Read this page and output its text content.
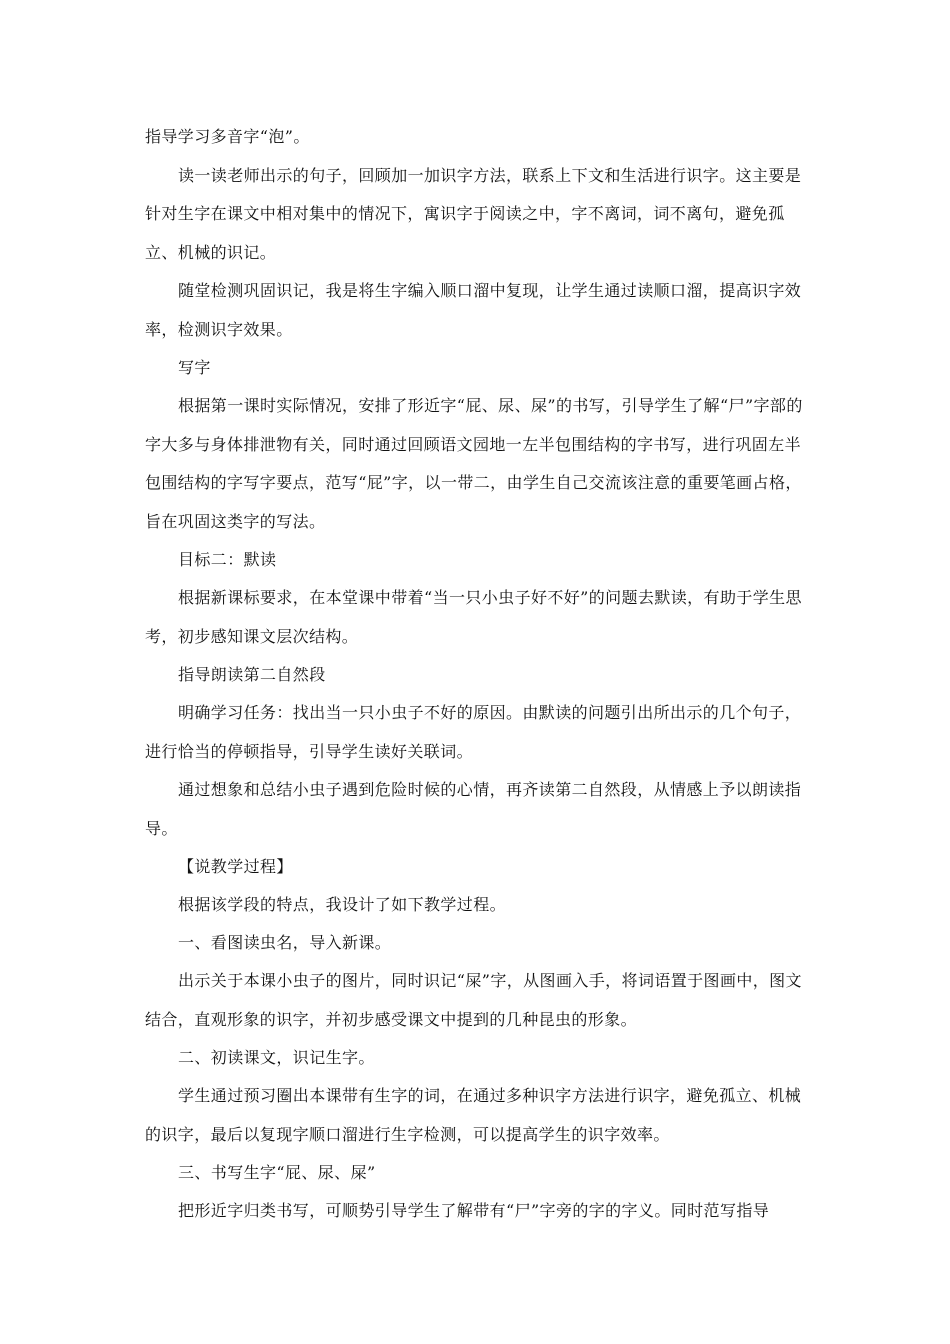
指导学习多音字“泡”。

读一读老师出示的句子，回顾加一加识字方法，联系上下文和生活进行识字。这主要是针对生字在课文中相对集中的情况下，寓识字于阅读之中，字不离词，词不离句，避免孤立、机械的识记。

随堂检测巩固识记，我是将生字编入顺口溜中复现，让学生通过读顺口溜，提高识字效率，检测识字效果。

写字

根据第一课时实际情况，安排了形近字“屁、尿、屎”的书写，引导学生了解“尸”字部的字大多与身体排泄物有关，同时通过回顾语文园地一左半包围结构的字书写，进行巩固左半包围结构的字写字要点，范写“屁”字，以一带二，由学生自己交流该注意的重要笔画占格，旨在巩固这类字的写法。

目标二：默读

根据新课标要求，在本堂课中带着“当一只小虫子好不好”的问题去默读，有助于学生思考，初步感知课文层次结构。

指导朗读第二自然段

明确学习任务：找出当一只小虫子不好的原因。由默读的问题引出所出示的几个句子，进行恰当的停顿指导，引导学生读好关联词。

通过想象和总结小虫子遇到危险时候的心情，再齐读第二自然段，从情感上予以朗读指导。

【说教学过程】

根据该学段的特点，我设计了如下教学过程。

一、看图读虫名，导入新课。

出示关于本课小虫子的图片，同时识记“屎”字，从图画入手，将词语置于图画中，图文结合，直观形象的识字，并初步感受课文中提到的几种昆虫的形象。

二、初读课文，识记生字。

学生通过预习圈出本课带有生字的词，在通过多种识字方法进行识字，避免孤立、机械的识字，最后以复现字顺口溜进行生字检测，可以提高学生的识字效率。

三、书写生字“屁、尿、屎”

把形近字归类书写，可顺势引导学生了解带有“尸”字旁的字的字义。同时范写指导
